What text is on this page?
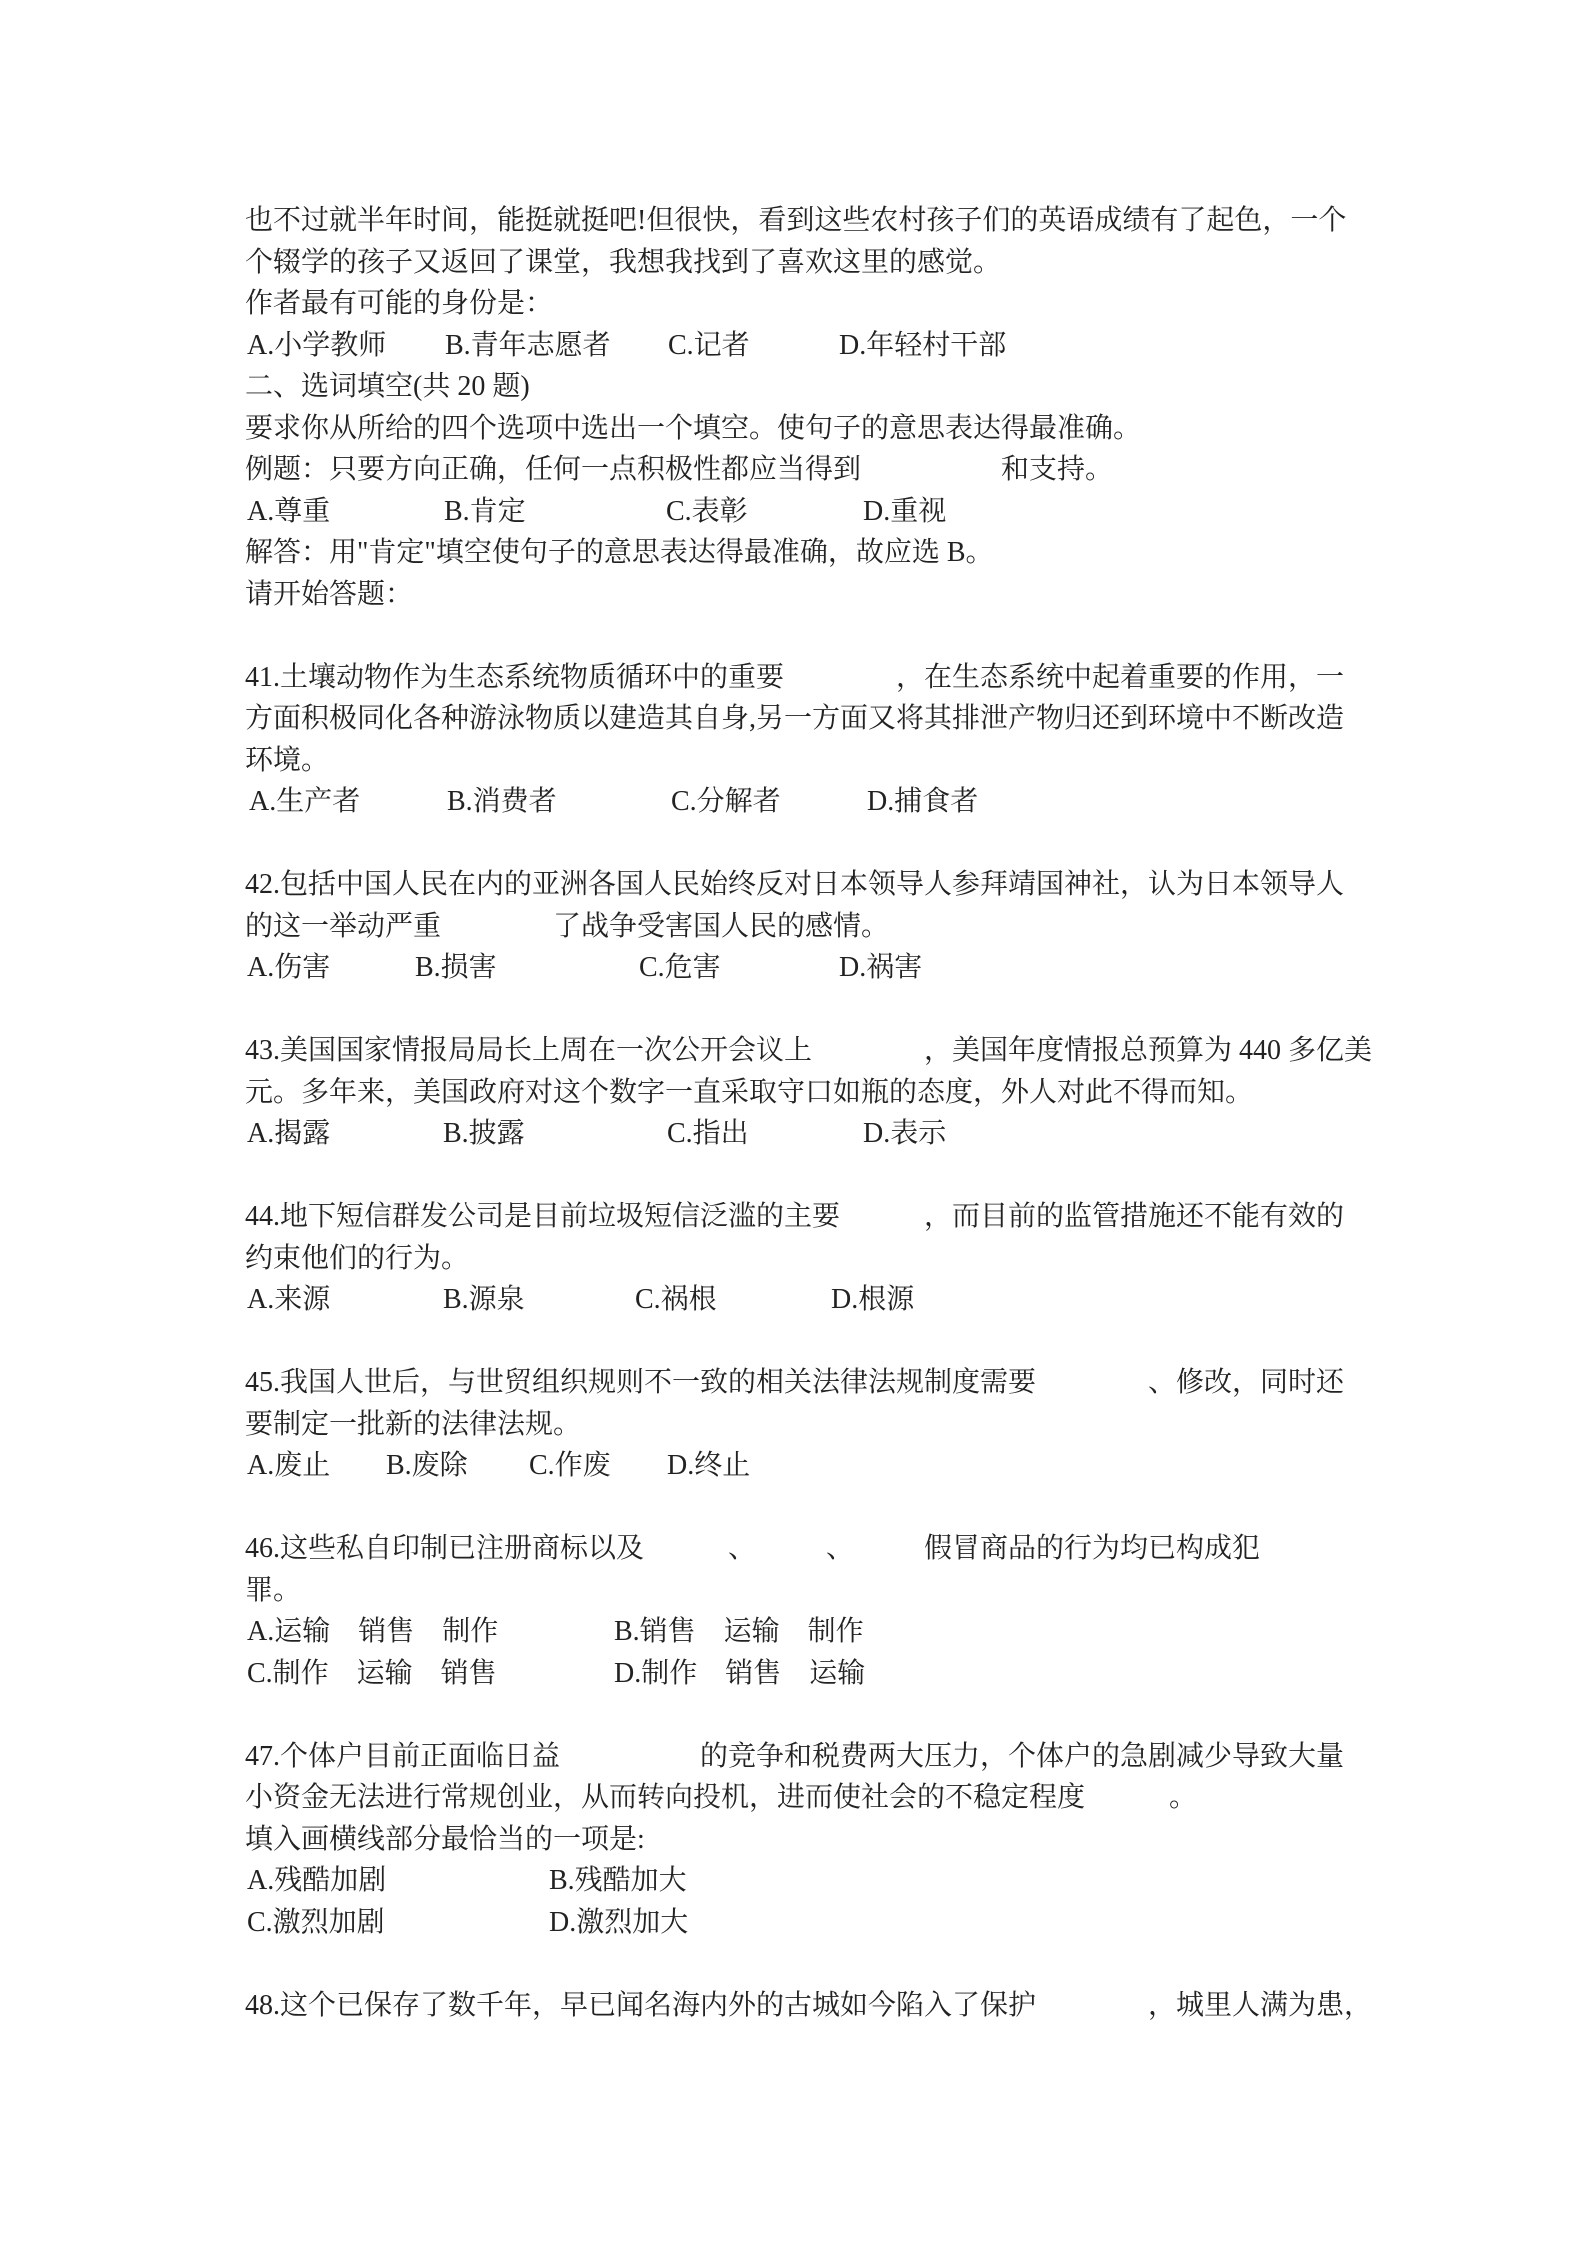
也不过就半年时间，能挺就挺吧!但很快，看到这些农村孩子们的英语成绩有了起色，一个
个辍学的孩子又返回了课堂，我想我找到了喜欢这里的感觉。
作者最有可能的身份是：
A.小学教师 B.青年志愿者 C.记者	D.年轻村干部
二、选词填空(共 20 题)
要求你从所给的四个选项中选出一个填空。使句子的意思表达得最准确。
例题：只要方向正确，任何一点积极性都应当得到　　　　　和支持。
A.尊重	B.肯定	C.表彰	D.重视
解答：用"肯定"填空使句子的意思表达得最准确，故应选 B。
请开始答题：
41.土壤动物作为生态系统物质循环中的重要　　　　，在生态系统中起着重要的作用，一
方面积极同化各种游泳物质以建造其自身,另一方面又将其排泄产物归还到环境中不断改造
环境。
A.生产者	B.消费者	C.分解者	D.捕食者
42.包括中国人民在内的亚洲各国人民始终反对日本领导人参拜靖国神社，认为日本领导人
的这一举动严重　　　　了战争受害国人民的感情。
A.伤害	B.损害	C.危害	D.祸害
43.美国国家情报局局长上周在一次公开会议上　　　　，美国年度情报总预算为 440 多亿美
元。多年来，美国政府对这个数字一直采取守口如瓶的态度，外人对此不得而知。
A.揭露	B.披露	C.指出	D.表示
44.地下短信群发公司是目前垃圾短信泛滥的主要　　　，而目前的监管措施还不能有效的
约束他们的行为。
A.来源	B.源泉	C.祸根	D.根源
45.我国人世后，与世贸组织规则不一致的相关法律法规制度需要　　　　、修改，同时还
要制定一批新的法律法规。
A.废止 B.废除 C.作废 D.终止
46.这些私自印制已注册商标以及　　　、　　　、　　　假冒商品的行为均已构成犯
罪。
A.运输　销售　制作	B.销售　运输　制作
C.制作　运输　销售	D.制作　销售　运输
47.个体户目前正面临日益　　　　　的竞争和税费两大压力，个体户的急剧减少导致大量
小资金无法进行常规创业，从而转向投机，进而使社会的不稳定程度　　　。
填入画横线部分最恰当的一项是:
A.残酷加剧	B.残酷加大
C.激烈加剧	D.激烈加大
48.这个已保存了数千年，早已闻名海内外的古城如今陷入了保护　　　　，城里人满为患，
